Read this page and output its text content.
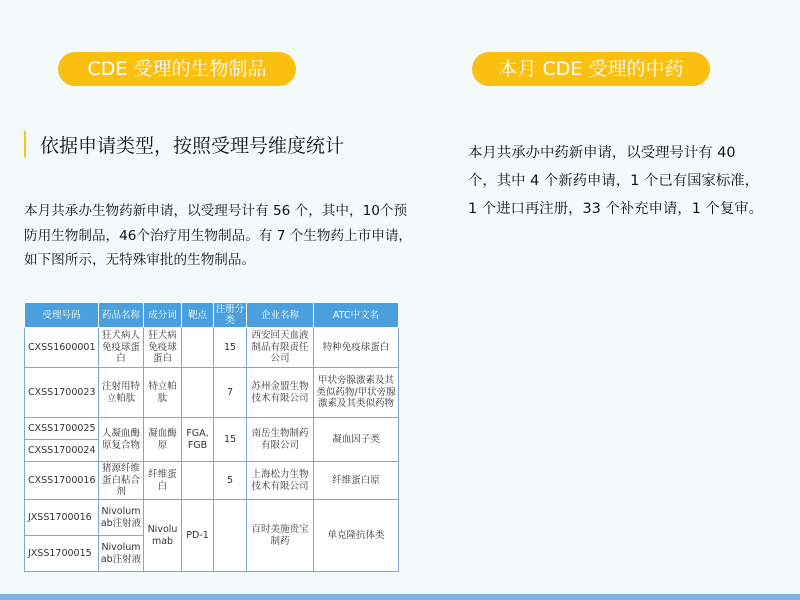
CDE 受理的生物制品	本月 CDE 受理的中药
依据申请类型，按照受理号维度统计
本月共承办生物药新申请，以受理号计有 56 个，其中，10个预防用生物制品，46个治疗用生物制品。有 7 个生物药上市申请，如下图所示，无特殊审批的生物制品。
本月共承办中药新申请，以受理号计有 40 个，其中 4 个新药申请，1 个已有国家标准， 1 个进口再注册，33 个补充申请，1 个复审。
受理号码	药品名称	成分词	靶点	注册分类	企业名称	ATC中文名
CXSS1600001	狂犬病人免疫球蛋白	狂犬病免疫球蛋白		15	西安回天血液制品有限责任公司	特种免疫球蛋白
CXSS1700023	注射用特立帕肽	特立帕肽		7	苏州金盟生物技术有限公司	甲状旁腺激素及其类似药物/甲状旁腺激素及其类似药物
CXSS1700025	人凝血酶原复合物	凝血酶原	FGA, FGB	15	南岳生物制药有限公司	凝血因子类
CXSS1700024						
CXSS1700016	猪源纤维蛋白粘合剂	纤维蛋白		5	上海松力生物技术有限公司	纤维蛋白原
JXSS1700016	Nivolumab注射液	Nivolumab	PD-1		百时美施贵宝制药	单克隆抗体类
JXSS1700015	Nivolumab注射液					
